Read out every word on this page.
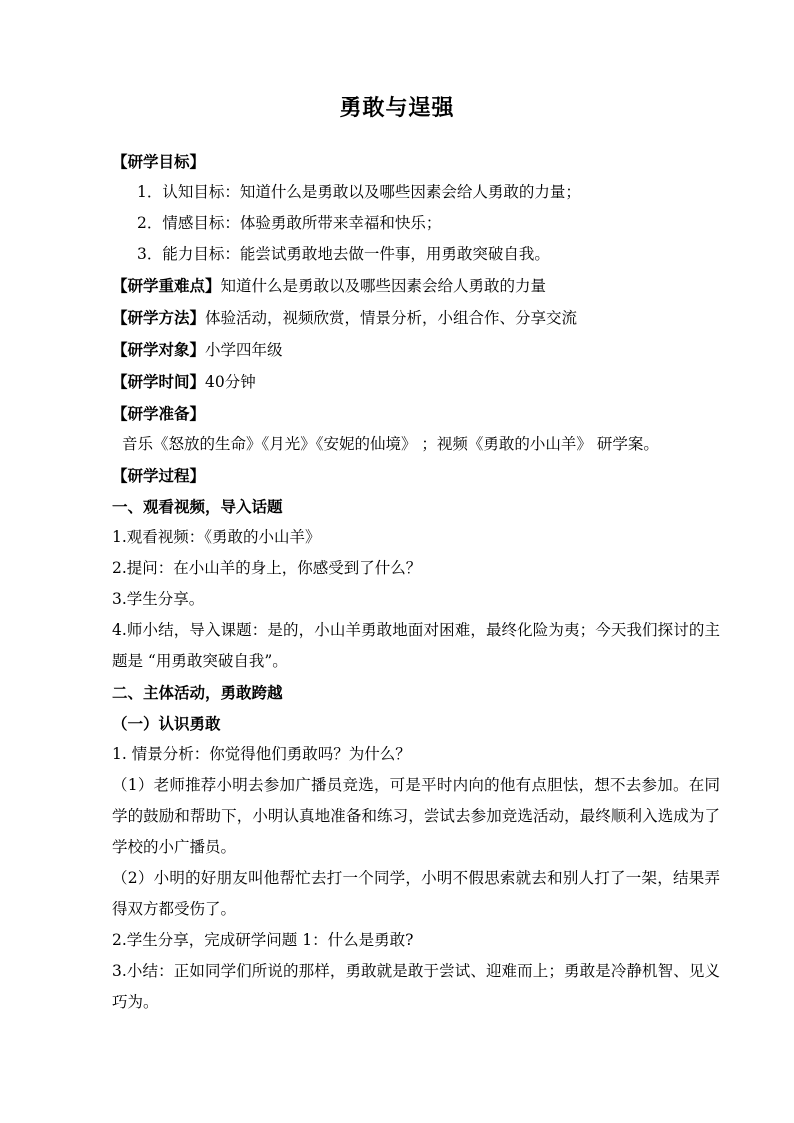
勇敢与逞强

【研学目标】

1．认知目标：知道什么是勇敢以及哪些因素会给人勇敢的力量；

2．情感目标：体验勇敢所带来幸福和快乐；

3．能力目标：能尝试勇敢地去做一件事，用勇敢突破自我。

【研学重难点】知道什么是勇敢以及哪些因素会给人勇敢的力量

【研学方法】体验活动，视频欣赏，情景分析，小组合作、分享交流

【研学对象】小学四年级

【研学时间】40分钟

【研学准备】

音乐《怒放的生命》《月光》《安妮的仙境》 ；视频《勇敢的小山羊》 研学案。

【研学过程】

一、观看视频，导入话题

1.观看视频：《勇敢的小山羊》

2.提问：在小山羊的身上，你感受到了什么？

3.学生分享。

4.师小结，导入课题：是的，小山羊勇敢地面对困难，最终化险为夷；今天我们探讨的主题是 “用勇敢突破自我”。

二、主体活动，勇敢跨越

（一）认识勇敢

1. 情景分析：你觉得他们勇敢吗？为什么？

（1）老师推荐小明去参加广播员竞选，可是平时内向的他有点胆怯，想不去参加。在同学的鼓励和帮助下，小明认真地准备和练习，尝试去参加竞选活动，最终顺利入选成为了学校的小广播员。

（2）小明的好朋友叫他帮忙去打一个同学，小明不假思索就去和别人打了一架，结果弄得双方都受伤了。

2.学生分享，完成研学问题 1：什么是勇敢?

3.小结：正如同学们所说的那样，勇敢就是敢于尝试、迎难而上；勇敢是冷静机智、见义巧为。
